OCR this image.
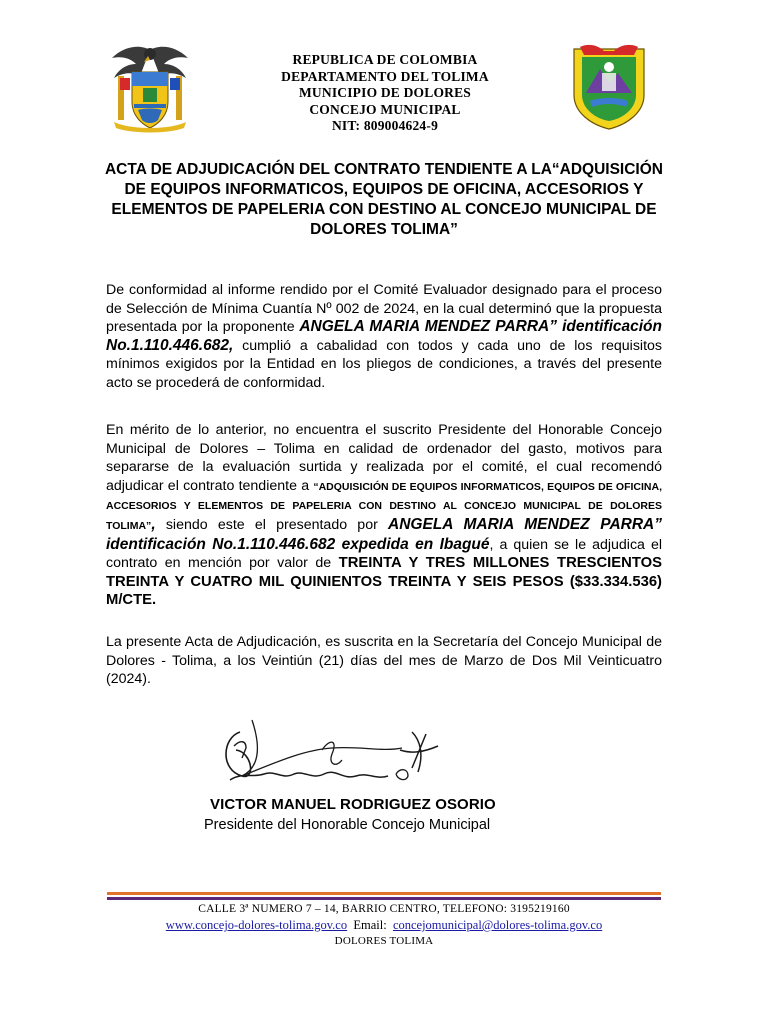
REPUBLICA DE COLOMBIA
DEPARTAMENTO DEL TOLIMA
MUNICIPIO DE DOLORES
CONCEJO MUNICIPAL
NIT: 809004624-9
ACTA DE ADJUDICACIÓN DEL CONTRATO TENDIENTE A LA“ADQUISICIÓN
DE EQUIPOS INFORMATICOS, EQUIPOS DE OFICINA, ACCESORIOS Y
ELEMENTOS DE PAPELERIA CON DESTINO AL CONCEJO MUNICIPAL DE
DOLORES TOLIMA”
De conformidad al informe rendido por el Comité Evaluador designado para el proceso de Selección de Mínima Cuantía Nº 002 de 2024, en la cual determinó que la propuesta presentada por la proponente ANGELA MARIA MENDEZ PARRA” identificación No.1.110.446.682, cumplió a cabalidad con todos y cada uno de los requisitos mínimos exigidos por la Entidad en los pliegos de condiciones, a través del presente acto se procederá de conformidad.
En mérito de lo anterior, no encuentra el suscrito Presidente del Honorable Concejo Municipal de Dolores – Tolima en calidad de ordenador del gasto, motivos para separarse de la evaluación surtida y realizada por el comité, el cual recomendó adjudicar el contrato tendiente a “ADQUISICIÓN DE EQUIPOS INFORMATICOS, EQUIPOS DE OFICINA, ACCESORIOS Y ELEMENTOS DE PAPELERIA CON DESTINO AL CONCEJO MUNICIPAL DE DOLORES TOLIMA”, siendo este el presentado por ANGELA MARIA MENDEZ PARRA” identificación No.1.110.446.682 expedida en Ibagué, a quien se le adjudica el contrato en mención por valor de TREINTA Y TRES MILLONES TRESCIENTOS TREINTA Y CUATRO MIL QUINIENTOS TREINTA Y SEIS PESOS ($33.334.536) M/CTE.
La presente Acta de Adjudicación, es suscrita en la Secretaría del Concejo Municipal de Dolores - Tolima, a los Veintiún (21) días del mes de Marzo de Dos Mil Veinticuatro (2024).
VICTOR MANUEL RODRIGUEZ OSORIO
Presidente del Honorable Concejo Municipal
CALLE 3ª NUMERO 7 – 14, BARRIO CENTRO, TELEFONO: 3195219160
www.concejo-dolores-tolima.gov.co Email: concejomunicipal@dolores-tolima.gov.co
DOLORES TOLIMA
